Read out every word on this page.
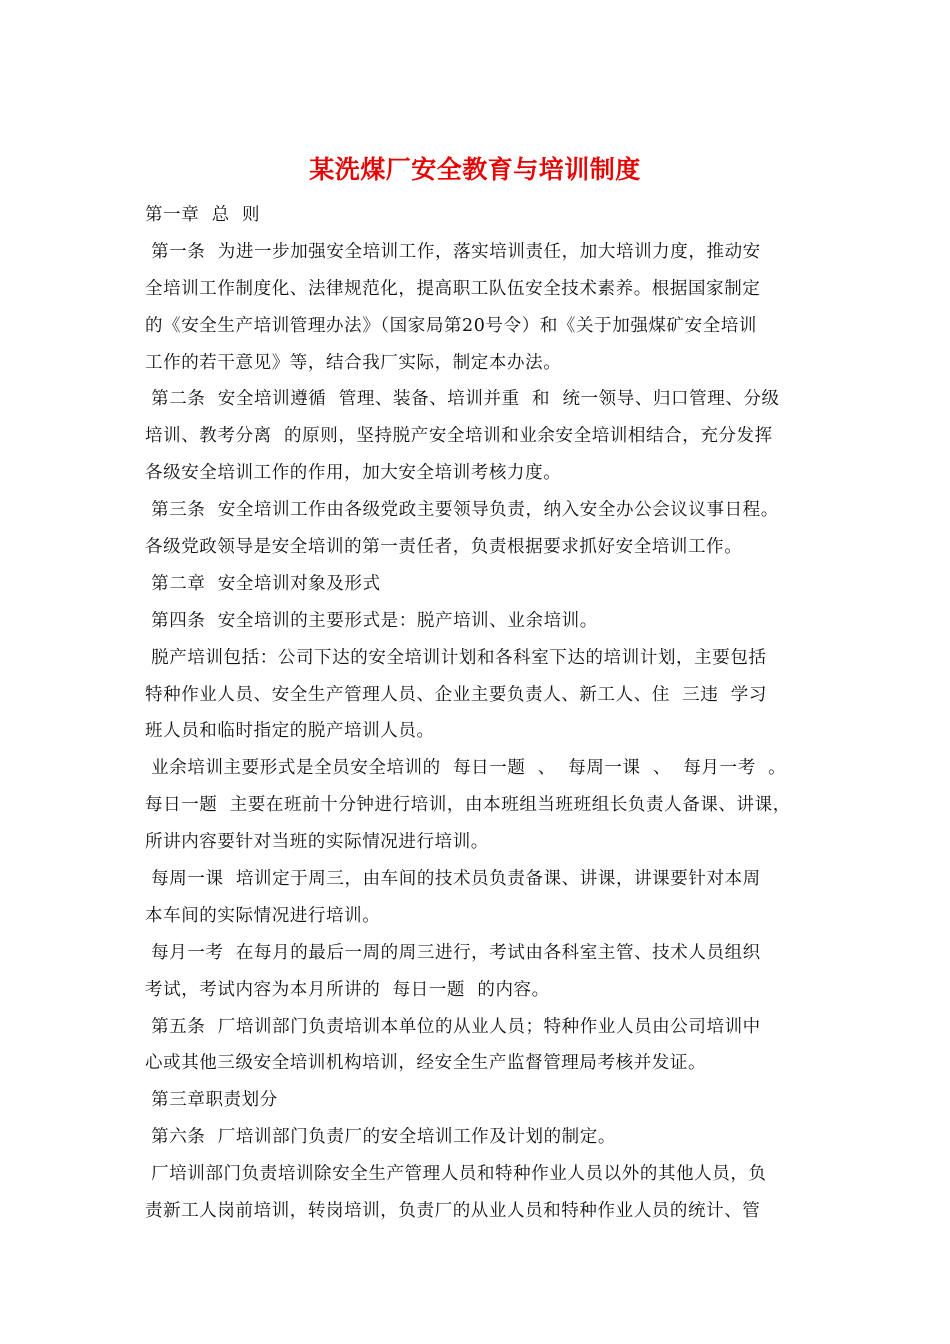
某洗煤厂安全教育与培训制度
第一章  总  则
第一条  为进一步加强安全培训工作，落实培训责任，加大培训力度，推动安
全培训工作制度化、法律规范化，提高职工队伍安全技术素养。根据国家制定
的《安全生产培训管理办法》（国家局第20号令）和《关于加强煤矿安全培训
工作的若干意见》等，结合我厂实际，制定本办法。
第二条  安全培训遵循  管理、装备、培训并重  和  统一领导、归口管理、分级
培训、教考分离  的原则，坚持脱产安全培训和业余安全培训相结合，充分发挥
各级安全培训工作的作用，加大安全培训考核力度。
第三条  安全培训工作由各级党政主要领导负责，纳入安全办公会议议事日程。
各级党政领导是安全培训的第一责任者，负责根据要求抓好安全培训工作。
第二章  安全培训对象及形式
第四条  安全培训的主要形式是：脱产培训、业余培训。
脱产培训包括：公司下达的安全培训计划和各科室下达的培训计划，主要包括
特种作业人员、安全生产管理人员、企业主要负责人、新工人、住  三违  学习
班人员和临时指定的脱产培训人员。
业余培训主要形式是全员安全培训的  每日一题  、  每周一课  、  每月一考  。
每日一题  主要在班前十分钟进行培训，由本班组当班班组长负责人备课、讲课，
所讲内容要针对当班的实际情况进行培训。
每周一课  培训定于周三，由车间的技术员负责备课、讲课，讲课要针对本周
本车间的实际情况进行培训。
每月一考  在每月的最后一周的周三进行，考试由各科室主管、技术人员组织
考试，考试内容为本月所讲的  每日一题  的内容。
第五条  厂培训部门负责培训本单位的从业人员；特种作业人员由公司培训中
心或其他三级安全培训机构培训，经安全生产监督管理局考核并发证。
第三章职责划分
第六条  厂培训部门负责厂的安全培训工作及计划的制定。
厂培训部门负责培训除安全生产管理人员和特种作业人员以外的其他人员，负
责新工人岗前培训，转岗培训，负责厂的从业人员和特种作业人员的统计、管
